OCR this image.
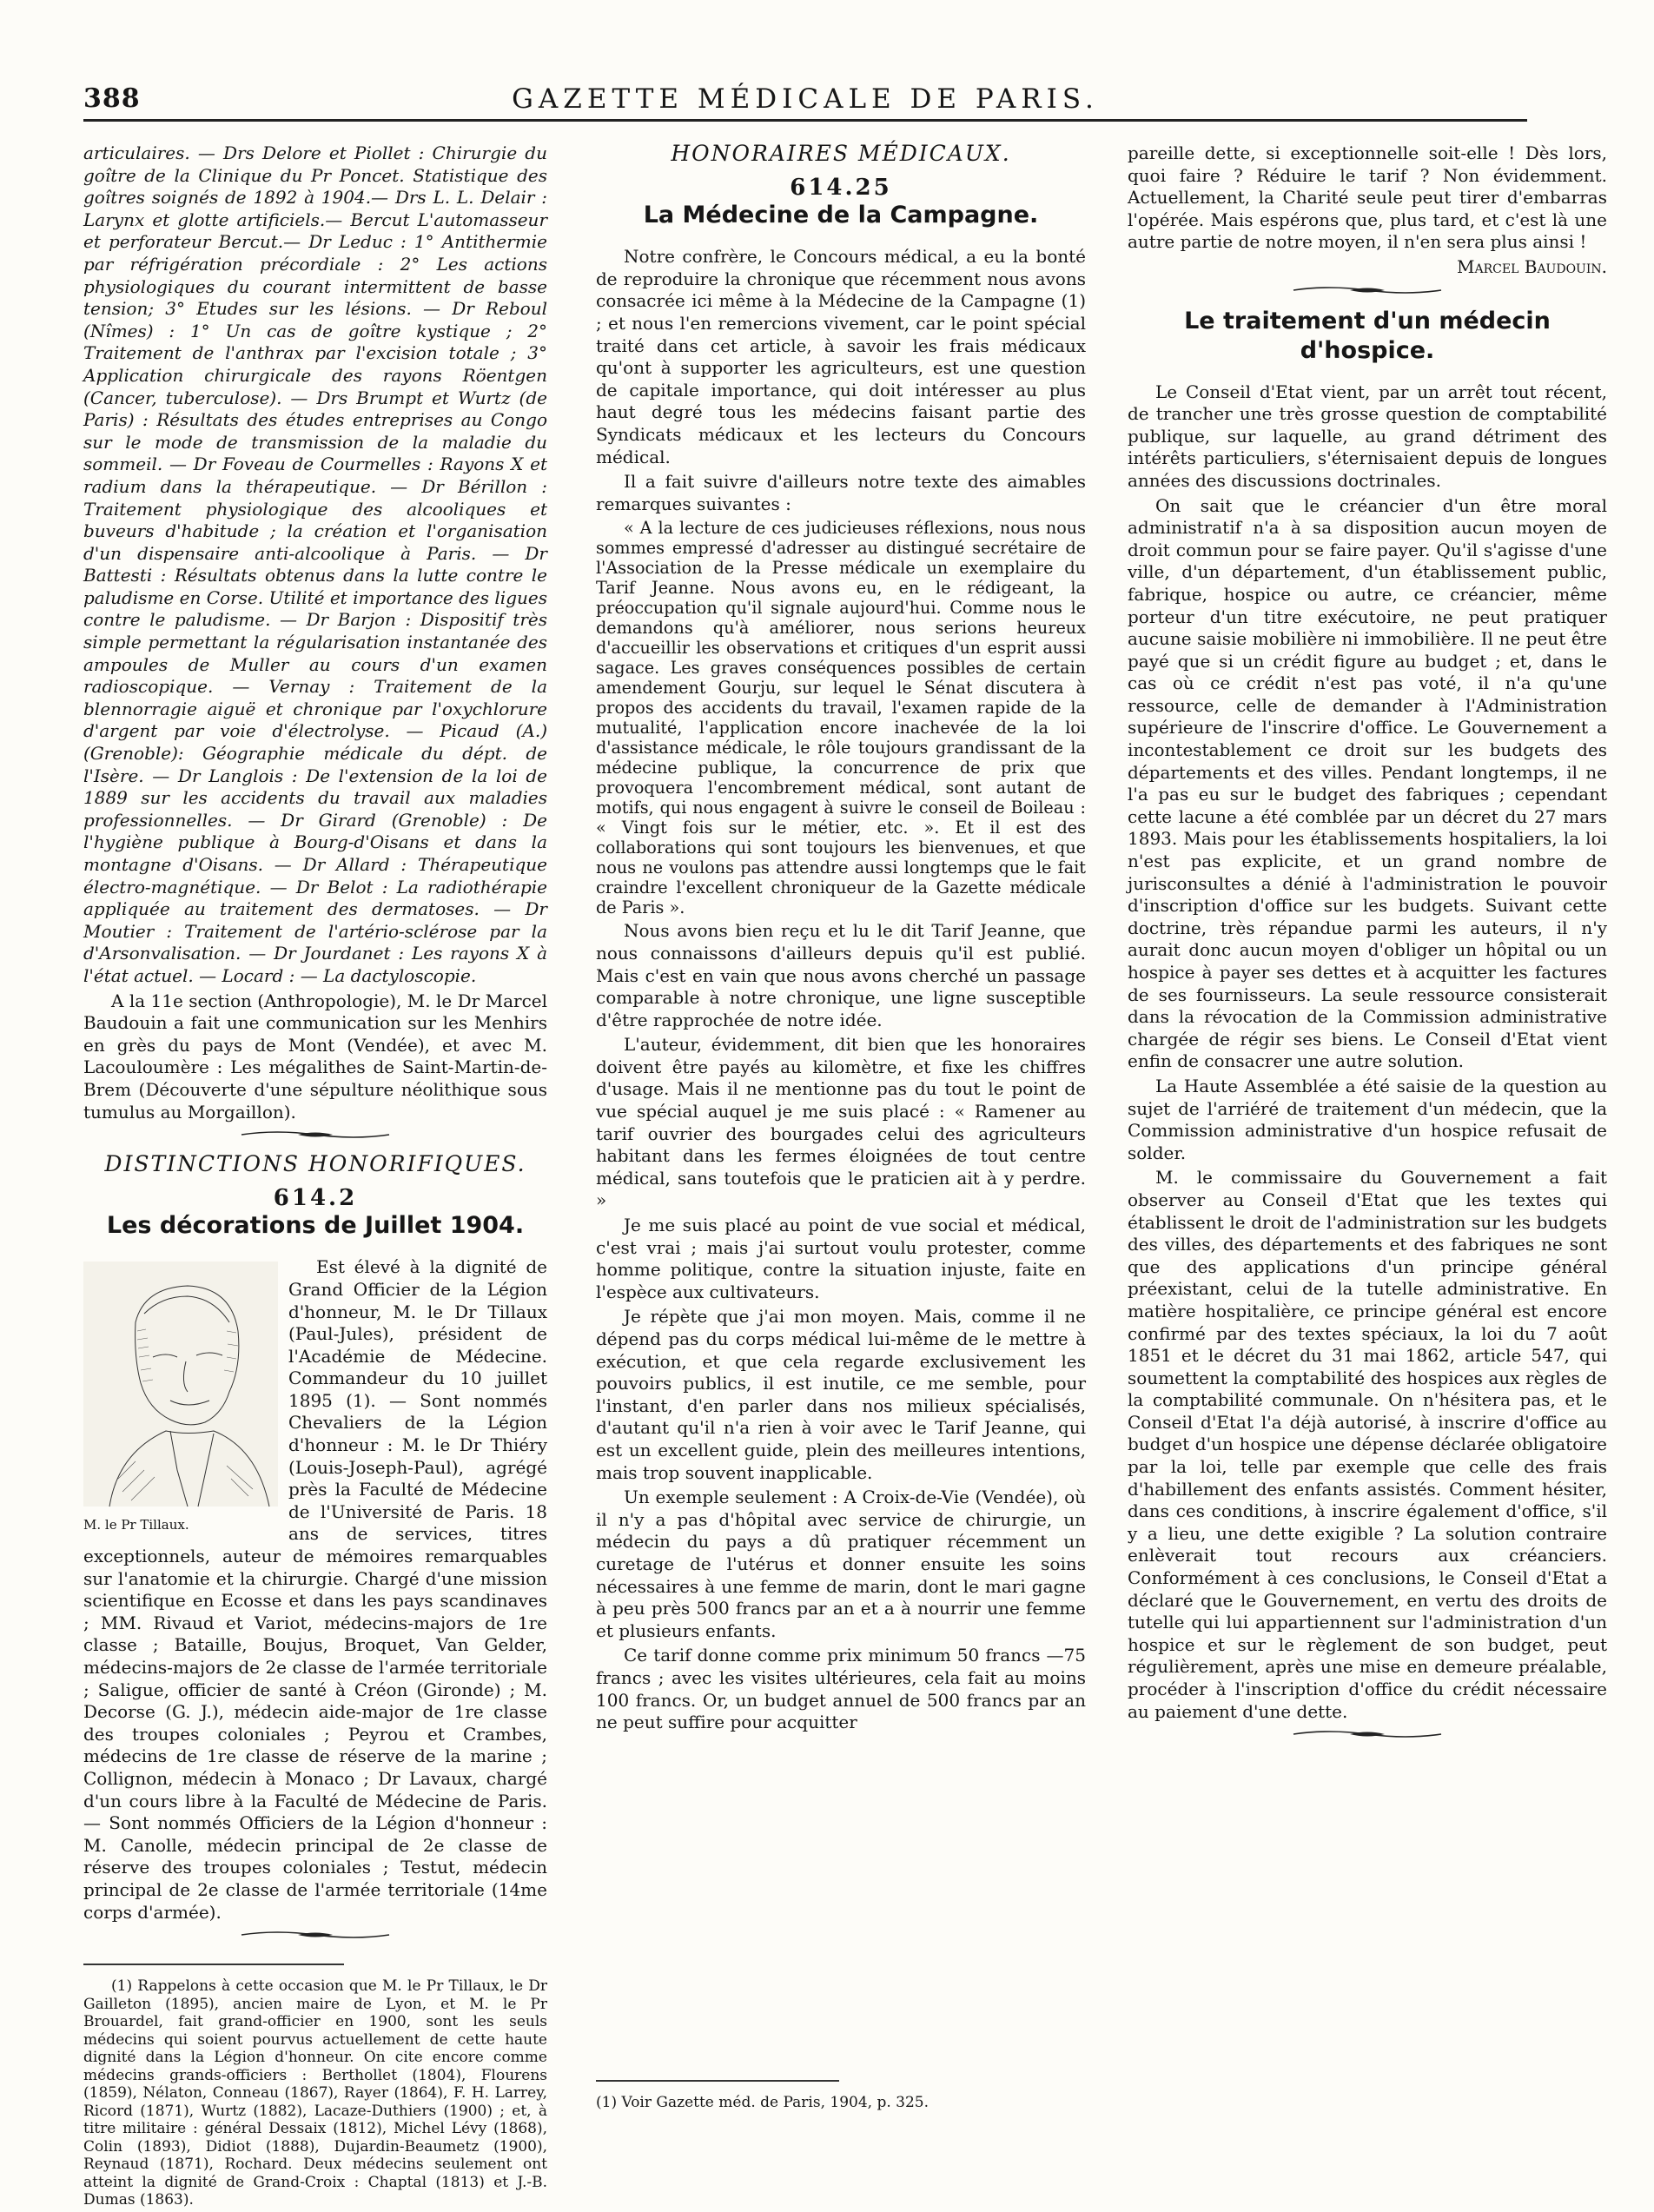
388	GAZETTE MÉDICALE DE PARIS.

articulaires. — Drs Delore et Piollet : Chirurgie du goître de la Clinique du Pr Poncet. Statistique des goîtres soignés de 1892 à 1904.— Drs L. L. Delair : Larynx et glotte artificiels.— Bercut L'automasseur et perforateur Bercut.— Dr Leduc : 1° Antithermie par réfrigération précordiale : 2° Les actions physiologiques du courant intermittent de basse tension; 3° Etudes sur les lésions. — Dr Reboul (Nîmes) : 1° Un cas de goître kystique ; 2° Traitement de l'anthrax par l'excision totale ; 3° Application chirurgicale des rayons Röentgen (Cancer, tuberculose). — Drs Brumpt et Wurtz (de Paris) : Résultats des études entreprises au Congo sur le mode de transmission de la maladie du sommeil. — Dr Foveau de Courmelles : Rayons X et radium dans la thérapeutique. — Dr Bérillon : Traitement physiologique des alcooliques et buveurs d'habitude ; la création et l'organisation d'un dispensaire anti-alcoolique à Paris. — Dr Battesti : Résultats obtenus dans la lutte contre le paludisme en Corse. Utilité et importance des ligues contre le paludisme. — Dr Barjon : Dispositif très simple permettant la régularisation instantanée des ampoules de Muller au cours d'un examen radioscopique. — Vernay : Traitement de la blennorragie aiguë et chronique par l'oxychlorure d'argent par voie d'électrolyse. — Picaud (A.) (Grenoble): Géographie médicale du dépt. de l'Isère. — Dr Langlois : De l'extension de la loi de 1889 sur les accidents du travail aux maladies professionnelles. — Dr Girard (Grenoble) : De l'hygiène publique à Bourg-d'Oisans et dans la montagne d'Oisans. — Dr Allard : Thérapeutique électro-magnétique. — Dr Belot : La radiothérapie appliquée au traitement des dermatoses. — Dr Moutier : Traitement de l'artério-sclérose par la d'Arsonvalisation. — Dr Jourdanet : Les rayons X à l'état actuel. — Locard : — La dactyloscopie.

A la 11e section (Anthropologie), M. le Dr Marcel Baudouin a fait une communication sur les Menhirs en grès du pays de Mont (Vendée), et avec M. Lacouloumère : Les mégalithes de Saint-Martin-de-Brem (Découverte d'une sépulture néolithique sous tumulus au Morgaillon).

DISTINCTIONS HONORIFIQUES.
614.2
Les décorations de Juillet 1904.
M. le Pr Tillaux.

Est élevé à la dignité de Grand Officier de la Légion d'honneur, M. le Dr Tillaux (Paul-Jules), président de l'Académie de Médecine. Commandeur du 10 juillet 1895 (1). — Sont nommés Chevaliers de la Légion d'honneur : M. le Dr Thiéry (Louis-Joseph-Paul), agrégé près la Faculté de Médecine de l'Université de Paris. 18 ans de services, titres exceptionnels, auteur de mémoires remarquables sur l'anatomie et la chirurgie. Chargé d'une mission scientifique en Ecosse et dans les pays scandinaves ; MM. Rivaud et Variot, médecins-majors de 1re classe ; Bataille, Boujus, Broquet, Van Gelder, médecins-majors de 2e classe de l'armée territoriale ; Saligue, officier de santé à Créon (Gironde) ; M. Decorse (G. J.), médecin aide-major de 1re classe des troupes coloniales ; Peyrou et Crambes, médecins de 1re classe de réserve de la marine ; Collignon, médecin à Monaco ; Dr Lavaux, chargé d'un cours libre à la Faculté de Médecine de Paris. — Sont nommés Officiers de la Légion d'honneur : M. Canolle, médecin principal de 2e classe de réserve des troupes coloniales ; Testut, médecin principal de 2e classe de l'armée territoriale (14me corps d'armée).

(1) Rappelons à cette occasion que M. le Pr Tillaux, le Dr Gailleton (1895), ancien maire de Lyon, et M. le Pr Brouardel, fait grand-officier en 1900, sont les seuls médecins qui soient pourvus actuellement de cette haute dignité dans la Légion d'honneur. On cite encore comme médecins grands-officiers : Berthollet (1804), Flourens (1859), Nélaton, Conneau (1867), Rayer (1864), F. H. Larrey, Ricord (1871), Wurtz (1882), Lacaze-Duthiers (1900) ; et, à titre militaire : général Dessaix (1812), Michel Lévy (1868), Colin (1893), Didiot (1888), Dujardin-Beaumetz (1900), Reynaud (1871), Rochard. Deux médecins seulement ont atteint la dignité de Grand-Croix : Chaptal (1813) et J.-B. Dumas (1863).

HONORAIRES MÉDICAUX.
614.25
La Médecine de la Campagne.

Notre confrère, le Concours médical, a eu la bonté de reproduire la chronique que récemment nous avons consacrée ici même à la Médecine de la Campagne (1) ; et nous l'en remercions vivement, car le point spécial traité dans cet article, à savoir les frais médicaux qu'ont à supporter les agriculteurs, est une question de capitale importance, qui doit intéresser au plus haut degré tous les médecins faisant partie des Syndicats médicaux et les lecteurs du Concours médical.

Il a fait suivre d'ailleurs notre texte des aimables remarques suivantes :

« A la lecture de ces judicieuses réflexions, nous nous sommes empressé d'adresser au distingué secrétaire de l'Association de la Presse médicale un exemplaire du Tarif Jeanne. Nous avons eu, en le rédigeant, la préoccupation qu'il signale aujourd'hui. Comme nous le demandons qu'à améliorer, nous serions heureux d'accueillir les observations et critiques d'un esprit aussi sagace. Les graves conséquences possibles de certain amendement Gourju, sur lequel le Sénat discutera à propos des accidents du travail, l'examen rapide de la mutualité, l'application encore inachevée de la loi d'assistance médicale, le rôle toujours grandissant de la médecine publique, la concurrence de prix que provoquera l'encombrement médical, sont autant de motifs, qui nous engagent à suivre le conseil de Boileau : « Vingt fois sur le métier, etc. ». Et il est des collaborations qui sont toujours les bienvenues, et que nous ne voulons pas attendre aussi longtemps que le fait craindre l'excellent chroniqueur de la Gazette médicale de Paris ».

Nous avons bien reçu et lu le dit Tarif Jeanne, que nous connaissons d'ailleurs depuis qu'il est publié. Mais c'est en vain que nous avons cherché un passage comparable à notre chronique, une ligne susceptible d'être rapprochée de notre idée.

L'auteur, évidemment, dit bien que les honoraires doivent être payés au kilomètre, et fixe les chiffres d'usage. Mais il ne mentionne pas du tout le point de vue spécial auquel je me suis placé : « Ramener au tarif ouvrier des bourgades celui des agriculteurs habitant dans les fermes éloignées de tout centre médical, sans toutefois que le praticien ait à y perdre. »

Je me suis placé au point de vue social et médical, c'est vrai ; mais j'ai surtout voulu protester, comme homme politique, contre la situation injuste, faite en l'espèce aux cultivateurs.

Je répète que j'ai mon moyen. Mais, comme il ne dépend pas du corps médical lui-même de le mettre à exécution, et que cela regarde exclusivement les pouvoirs publics, il est inutile, ce me semble, pour l'instant, d'en parler dans nos milieux spécialisés, d'autant qu'il n'a rien à voir avec le Tarif Jeanne, qui est un excellent guide, plein des meilleures intentions, mais trop souvent inapplicable.

Un exemple seulement : A Croix-de-Vie (Vendée), où il n'y a pas d'hôpital avec service de chirurgie, un médecin du pays a dû pratiquer récemment un curetage de l'utérus et donner ensuite les soins nécessaires à une femme de marin, dont le mari gagne à peu près 500 francs par an et a à nourrir une femme et plusieurs enfants.

Ce tarif donne comme prix minimum 50 francs —75 francs ; avec les visites ultérieures, cela fait au moins 100 francs. Or, un budget annuel de 500 francs par an ne peut suffire pour acquitter

(1) Voir Gazette méd. de Paris, 1904, p. 325.

pareille dette, si exceptionnelle soit-elle ! Dès lors, quoi faire ? Réduire le tarif ? Non évidemment. Actuellement, la Charité seule peut tirer d'embarras l'opérée. Mais espérons que, plus tard, et c'est là une autre partie de notre moyen, il n'en sera plus ainsi !

Marcel Baudouin.

Le traitement d'un médecin d'hospice.

Le Conseil d'Etat vient, par un arrêt tout récent, de trancher une très grosse question de comptabilité publique, sur laquelle, au grand détriment des intérêts particuliers, s'éternisaient depuis de longues années des discussions doctrinales.

On sait que le créancier d'un être moral administratif n'a à sa disposition aucun moyen de droit commun pour se faire payer. Qu'il s'agisse d'une ville, d'un département, d'un établissement public, fabrique, hospice ou autre, ce créancier, même porteur d'un titre exécutoire, ne peut pratiquer aucune saisie mobilière ni immobilière. Il ne peut être payé que si un crédit figure au budget ; et, dans le cas où ce crédit n'est pas voté, il n'a qu'une ressource, celle de demander à l'Administration supérieure de l'inscrire d'office. Le Gouvernement a incontestablement ce droit sur les budgets des départements et des villes. Pendant longtemps, il ne l'a pas eu sur le budget des fabriques ; cependant cette lacune a été comblée par un décret du 27 mars 1893. Mais pour les établissements hospitaliers, la loi n'est pas explicite, et un grand nombre de jurisconsultes a dénié à l'administration le pouvoir d'inscription d'office sur les budgets. Suivant cette doctrine, très répandue parmi les auteurs, il n'y aurait donc aucun moyen d'obliger un hôpital ou un hospice à payer ses dettes et à acquitter les factures de ses fournisseurs. La seule ressource consisterait dans la révocation de la Commission administrative chargée de régir ses biens. Le Conseil d'Etat vient enfin de consacrer une autre solution.

La Haute Assemblée a été saisie de la question au sujet de l'arriéré de traitement d'un médecin, que la Commission administrative d'un hospice refusait de solder.

M. le commissaire du Gouvernement a fait observer au Conseil d'Etat que les textes qui établissent le droit de l'administration sur les budgets des villes, des départements et des fabriques ne sont que des applications d'un principe général préexistant, celui de la tutelle administrative. En matière hospitalière, ce principe général est encore confirmé par des textes spéciaux, la loi du 7 août 1851 et le décret du 31 mai 1862, article 547, qui soumettent la comptabilité des hospices aux règles de la comptabilité communale. On n'hésitera pas, et le Conseil d'Etat l'a déjà autorisé, à inscrire d'office au budget d'un hospice une dépense déclarée obligatoire par la loi, telle par exemple que celle des frais d'habillement des enfants assistés. Comment hésiter, dans ces conditions, à inscrire également d'office, s'il y a lieu, une dette exigible ? La solution contraire enlèverait tout recours aux créanciers. Conformément à ces conclusions, le Conseil d'Etat a déclaré que le Gouvernement, en vertu des droits de tutelle qui lui appartiennent sur l'administration d'un hospice et sur le règlement de son budget, peut régulièrement, après une mise en demeure préalable, procéder à l'inscription d'office du crédit nécessaire au paiement d'une dette.
